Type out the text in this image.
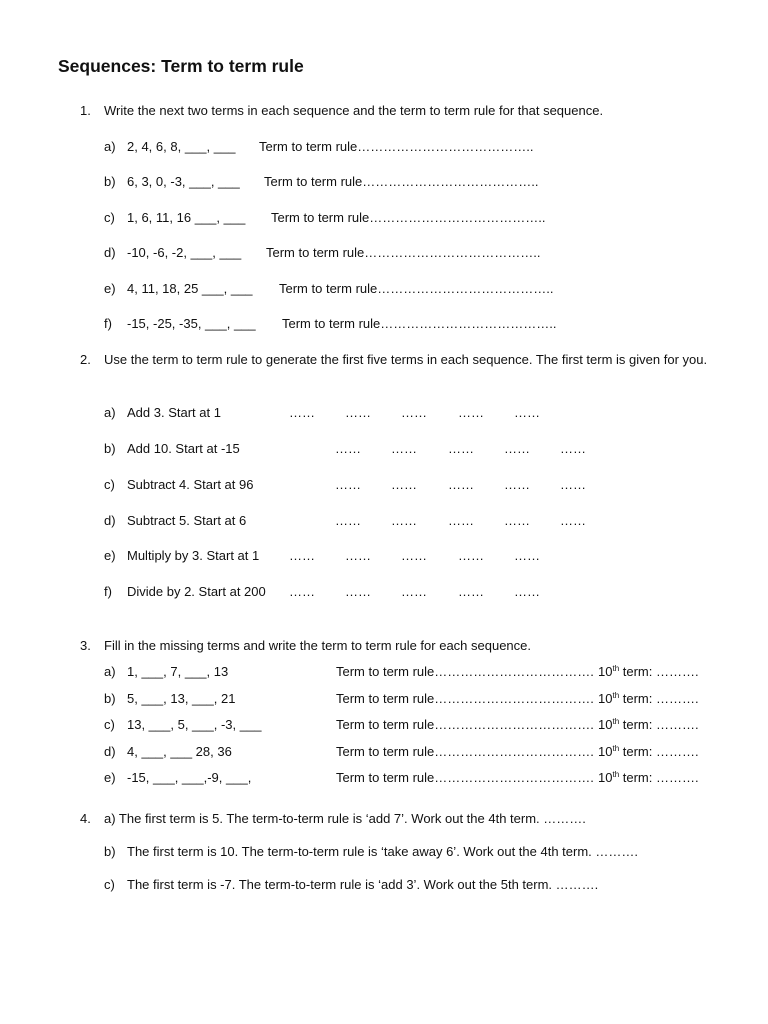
Sequences: Term to term rule
1. Write the next two terms in each sequence and the term to term rule for that sequence.
a) 2, 4, 6, 8, ___, ___ Term to term rule…………………………………..
b) 6, 3, 0, -3, ___, ___ Term to term rule…………………………………..
c) 1, 6, 11, 16 ___, ___ Term to term rule…………………………………..
d) -10, -6, -2, ___, ___ Term to term rule…………………………………..
e) 4, 11, 18, 25 ___, ___ Term to term rule…………………………………..
f) -15, -25, -35, ___, ___ Term to term rule…………………………………..
2. Use the term to term rule to generate the first five terms in each sequence. The first term is given for you.
a) Add 3. Start at 1	…… …… …… …… ……
b) Add 10. Start at -15	…… …… …… …… ……
c) Subtract 4. Start at 96	…… …… …… …… ……
d) Subtract 5. Start at 6	…… …… …… …… ……
e) Multiply by 3. Start at 1 …… …… …… …… ……
f) Divide by 2. Start at 200 …… …… …… …… ……
3. Fill in the missing terms and write the term to term rule for each sequence.
a) 1, ___, 7, ___, 13	Term to term rule………………………………. 10th term: ……….
b) 5, ___, 13, ___, 21	Term to term rule………………………………. 10th term: ……….
c) 13, ___, 5, ___, -3, ___	Term to term rule………………………………. 10th term: ……….
d) 4, ___, ___ 28, 36	Term to term rule………………………………. 10th term: ……….
e) -15, ___, ___,-9, ___,	Term to term rule………………………………. 10th term: ……….
4. a) The first term is 5. The term-to-term rule is ‘add 7’. Work out the 4th term. ……….
b) The first term is 10. The term-to-term rule is ‘take away 6’. Work out the 4th term. ……….
c) The first term is -7. The term-to-term rule is ‘add 3’. Work out the 5th term. ……….
